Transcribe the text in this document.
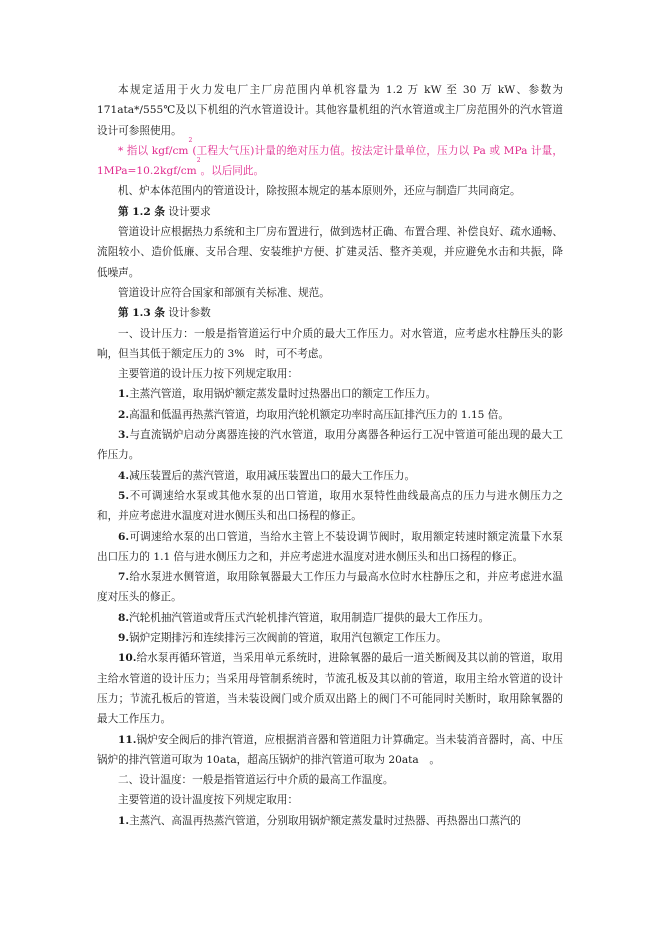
本规定适用于火力发电厂主厂房范围内单机容量为 1.2 万 kW 至 30 万 kW、参数为 171ata*/555℃及以下机组的汽水管道设计。其他容量机组的汽水管道或主厂房范围外的汽水管道设计可参照使用。

* 指以 kgf/$cm^2$(工程大气压)计量的绝对压力值。按法定计量单位，压力以 Pa 或 MPa 计量，$1MPa=10.2kgf/cm^2$。以后同此。

机、炉本体范围内的管道设计，除按照本规定的基本原则外，还应与制造厂共同商定。

第 1.2 条 设计要求

管道设计应根据热力系统和主厂房布置进行，做到选材正确、布置合理、补偿良好、疏水通畅、流阻较小、造价低廉、支吊合理、安装维护方便、扩建灵活、整齐美观，并应避免水击和共振，降低噪声。

管道设计应符合国家和部颁有关标准、规范。

第 1.3 条 设计参数

一、设计压力：一般是指管道运行中介质的最大工作压力。对水管道，应考虑水柱静压头的影响，但当其低于额定压力的 3%　时，可不考虑。

主要管道的设计压力按下列规定取用：

1.主蒸汽管道，取用锅炉额定蒸发量时过热器出口的额定工作压力。

2.高温和低温再热蒸汽管道，均取用汽轮机额定功率时高压缸排汽压力的 1.15 倍。

3.与直流锅炉启动分离器连接的汽水管道，取用分离器各种运行工况中管道可能出现的最大工作压力。

4.减压装置后的蒸汽管道，取用减压装置出口的最大工作压力。

5.不可调速给水泵或其他水泵的出口管道，取用水泵特性曲线最高点的压力与进水侧压力之和，并应考虑进水温度对进水侧压头和出口扬程的修正。

6.可调速给水泵的出口管道，当给水主管上不装设调节阀时，取用额定转速时额定流量下水泵出口压力的 1.1 倍与进水侧压力之和，并应考虑进水温度对进水侧压头和出口扬程的修正。

7.给水泵进水侧管道，取用除氧器最大工作压力与最高水位时水柱静压之和，并应考虑进水温度对压头的修正。

8.汽轮机抽汽管道或背压式汽轮机排汽管道，取用制造厂提供的最大工作压力。

9.锅炉定期排污和连续排污三次阀前的管道，取用汽包额定工作压力。

10.给水泵再循环管道，当采用单元系统时，进除氧器的最后一道关断阀及其以前的管道，取用主给水管道的设计压力；当采用母管制系统时，节流孔板及其以前的管道，取用主给水管道的设计压力；节流孔板后的管道，当未装设阀门或介质双出路上的阀门不可能同时关断时，取用除氧器的最大工作压力。

11.锅炉安全阀后的排汽管道，应根据消音器和管道阻力计算确定。当未装消音器时，高、中压锅炉的排汽管道可取为 10ata，超高压锅炉的排汽管道可取为 20ata　。

二、设计温度：一般是指管道运行中介质的最高工作温度。

主要管道的设计温度按下列规定取用：

1.主蒸汽、高温再热蒸汽管道，分别取用锅炉额定蒸发量时过热器、再热器出口蒸汽的
